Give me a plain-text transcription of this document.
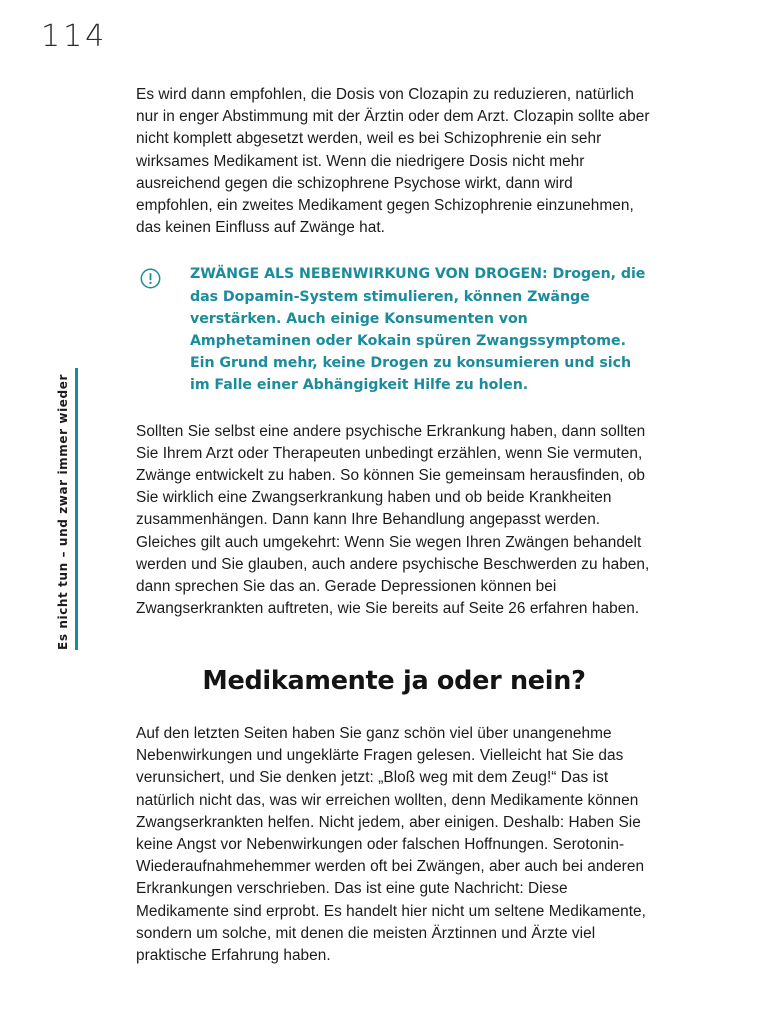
114
Es nicht tun – und zwar immer wieder

Es wird dann empfohlen, die Dosis von Clozapin zu reduzieren, natürlich nur in enger Abstimmung mit der Ärztin oder dem Arzt. Clozapin sollte aber nicht komplett abgesetzt werden, weil es bei Schizophrenie ein sehr wirksames Medikament ist. Wenn die niedrigere Dosis nicht mehr ausreichend gegen die schizophrene Psychose wirkt, dann wird empfohlen, ein zweites Medikament gegen Schizophrenie einzunehmen, das keinen Einfluss auf Zwänge hat.

ZWÄNGE ALS NEBENWIRKUNG VON DROGEN: Drogen, die das Dopamin-System stimulieren, können Zwänge verstärken. Auch einige Konsumenten von Amphetaminen oder Kokain spüren Zwangssymptome. Ein Grund mehr, keine Drogen zu konsumieren und sich im Falle einer Abhängigkeit Hilfe zu holen.

Sollten Sie selbst eine andere psychische Erkrankung haben, dann sollten Sie Ihrem Arzt oder Therapeuten unbedingt erzählen, wenn Sie vermuten, Zwänge entwickelt zu haben. So können Sie gemeinsam herausfinden, ob Sie wirklich eine Zwangserkrankung haben und ob beide Krankheiten zusammenhängen. Dann kann Ihre Behandlung angepasst werden. Gleiches gilt auch umgekehrt: Wenn Sie wegen Ihren Zwängen behandelt werden und Sie glauben, auch andere psychische Beschwerden zu haben, dann sprechen Sie das an. Gerade Depressionen können bei Zwangserkrankten auftreten, wie Sie bereits auf Seite 26 erfahren haben.

Medikamente ja oder nein?

Auf den letzten Seiten haben Sie ganz schön viel über unangenehme Nebenwirkungen und ungeklärte Fragen gelesen. Vielleicht hat Sie das verunsichert, und Sie denken jetzt: „Bloß weg mit dem Zeug!“ Das ist natürlich nicht das, was wir erreichen wollten, denn Medikamente können Zwangserkrankten helfen. Nicht jedem, aber einigen. Deshalb: Haben Sie keine Angst vor Nebenwirkungen oder falschen Hoffnungen. Serotonin-Wiederaufnahmehemmer werden oft bei Zwängen, aber auch bei anderen Erkrankungen verschrieben. Das ist eine gute Nachricht: Diese Medikamente sind erprobt. Es handelt hier nicht um seltene Medikamente, sondern um solche, mit denen die meisten Ärztinnen und Ärzte viel praktische Erfahrung haben.
